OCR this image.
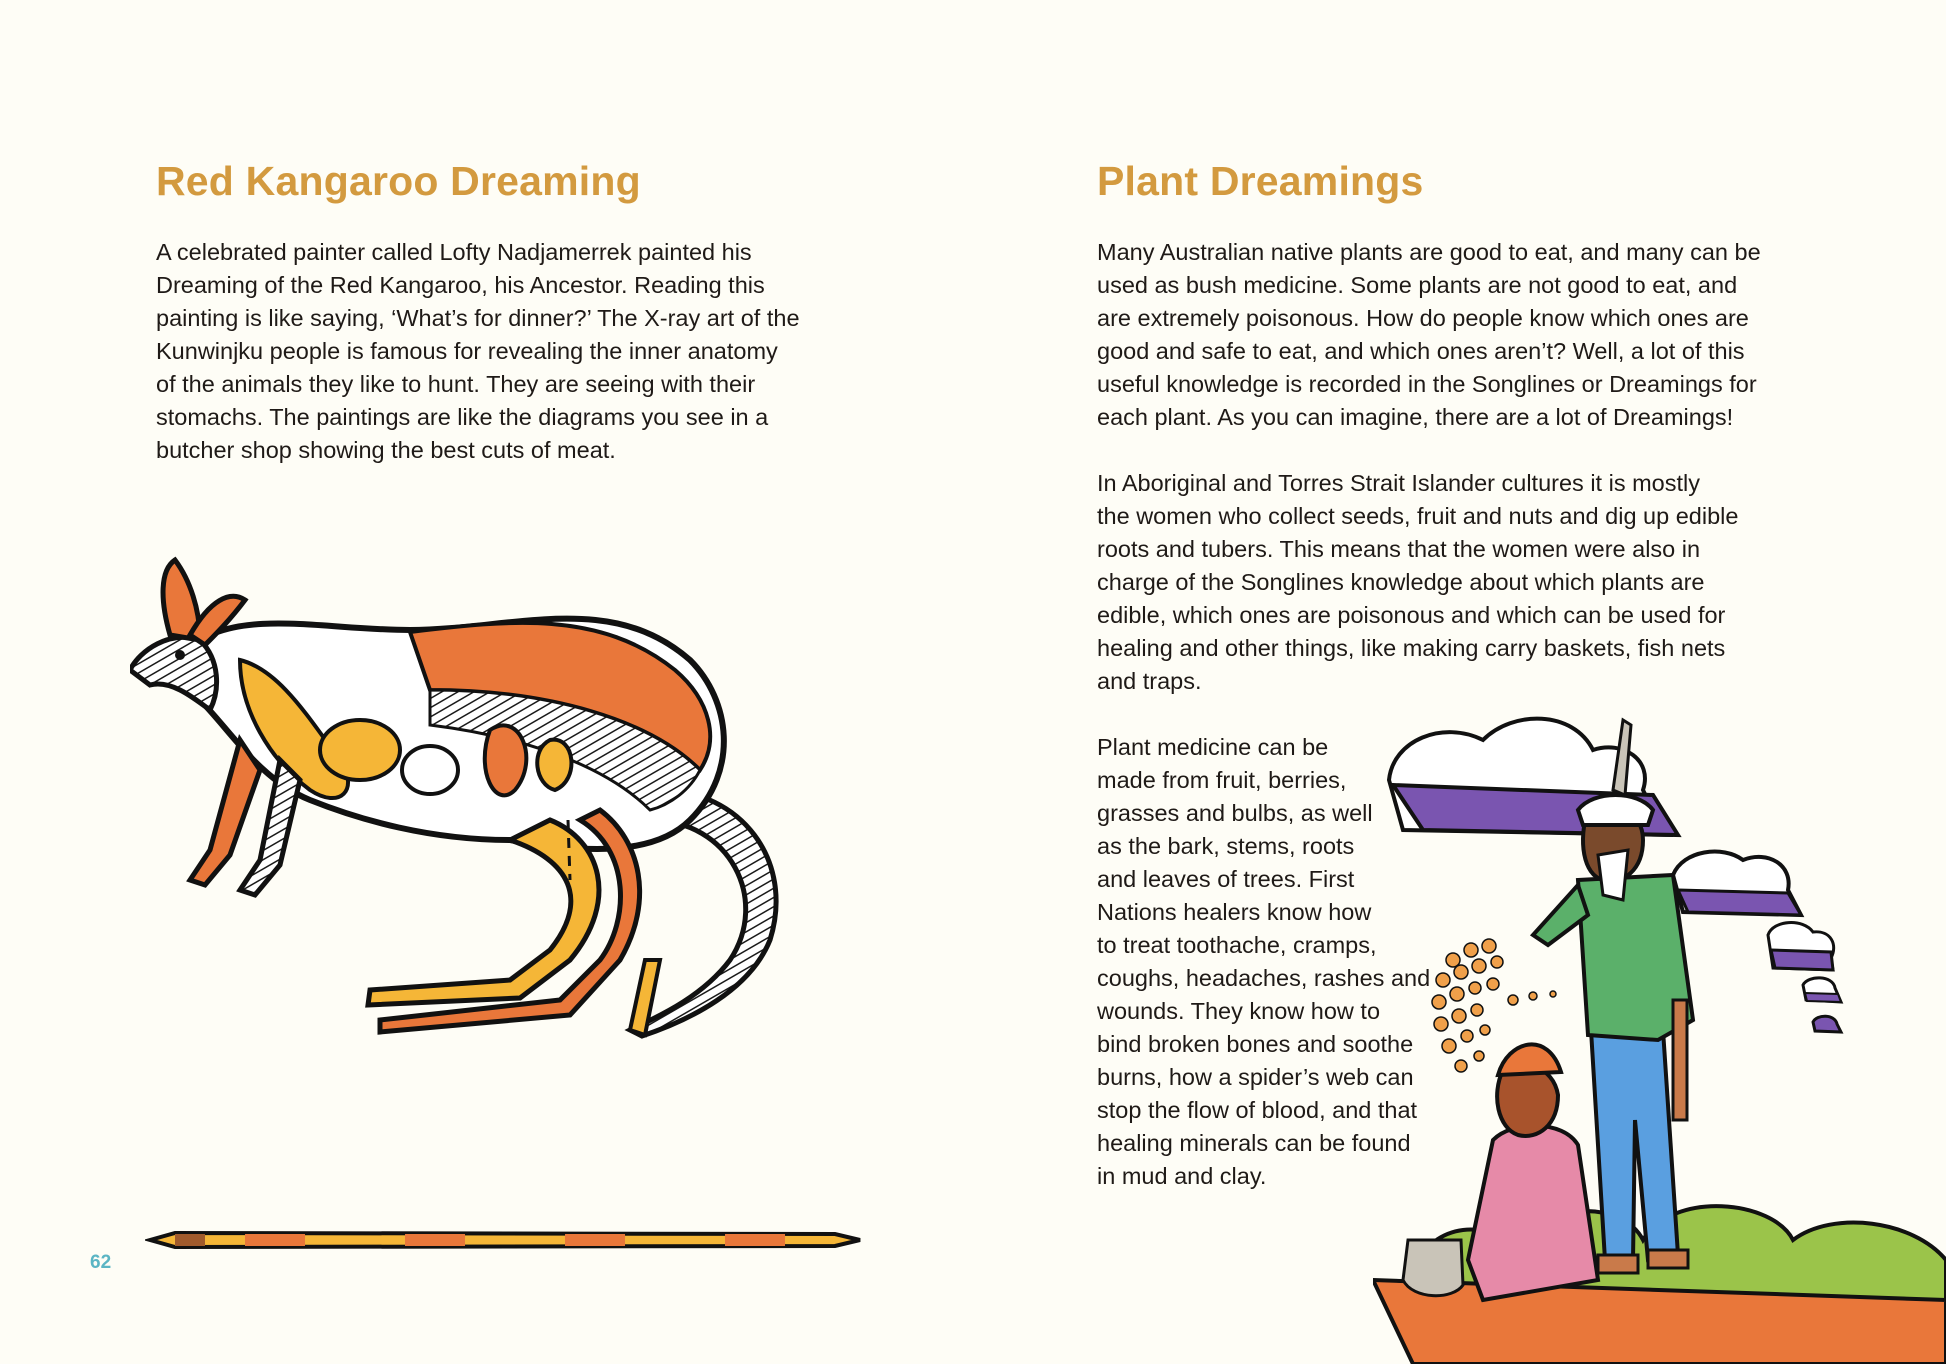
Red Kangaroo Dreaming

A celebrated painter called Lofty Nadjamerrek painted his
Dreaming of the Red Kangaroo, his Ancestor. Reading this
painting is like saying, ‘What’s for dinner?’ The X-ray art of the
Kunwinjku people is famous for revealing the inner anatomy
of the animals they like to hunt. They are seeing with their
stomachs. The paintings are like the diagrams you see in a
butcher shop showing the best cuts of meat.

62
Plant Dreamings

Many Australian native plants are good to eat, and many can be
used as bush medicine. Some plants are not good to eat, and
are extremely poisonous. How do people know which ones are
good and safe to eat, and which ones aren’t? Well, a lot of this
useful knowledge is recorded in the Songlines or Dreamings for
each plant. As you can imagine, there are a lot of Dreamings!

In Aboriginal and Torres Strait Islander cultures it is mostly
the women who collect seeds, fruit and nuts and dig up edible
roots and tubers. This means that the women were also in
charge of the Songlines knowledge about which plants are
edible, which ones are poisonous and which can be used for
healing and other things, like making carry baskets, fish nets
and traps.

Plant medicine can be
made from fruit, berries,
grasses and bulbs, as well
as the bark, stems, roots
and leaves of trees. First
Nations healers know how
to treat toothache, cramps,
coughs, headaches, rashes and
wounds. They know how to
bind broken bones and soothe
burns, how a spider’s web can
stop the flow of blood, and that
healing minerals can be found
in mud and clay.
